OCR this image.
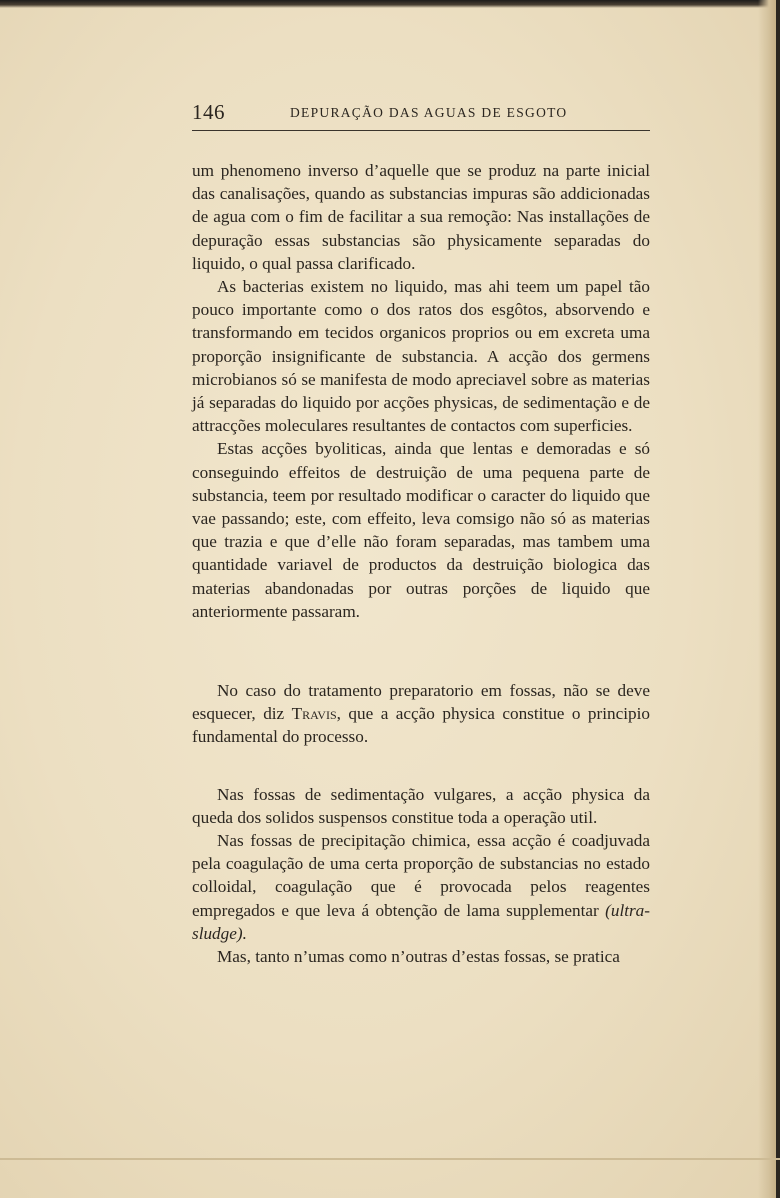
146	DEPURAÇÃO DAS AGUAS DE ESGOTO

um phenomeno inverso d’aquelle que se produz na parte inicial das canalisações, quando as substancias impuras são addicionadas de agua com o fim de facilitar a sua remoção: Nas installações de depuração essas substancias são physicamente separadas do liquido, o qual passa clarificado.

As bacterias existem no liquido, mas ahi teem um papel tão pouco importante como o dos ratos dos esgôtos, absorvendo e transformando em tecidos organicos proprios ou em excreta uma proporção insignificante de substancia. A acção dos germens microbianos só se manifesta de modo apreciavel sobre as materias já separadas do liquido por acções physicas, de sedimentação e de attracções moleculares resultantes de contactos com superficies.

Estas acções byoliticas, ainda que lentas e demoradas e só conseguindo effeitos de destruição de uma pequena parte de substancia, teem por resultado modificar o caracter do liquido que vae passando; este, com effeito, leva comsigo não só as materias que trazia e que d’elle não foram separadas, mas tambem uma quantidade variavel de productos da destruição biologica das materias abandonadas por outras porções de liquido que anteriormente passaram.

No caso do tratamento preparatorio em fossas, não se deve esquecer, diz Travis, que a acção physica constitue o principio fundamental do processo.

Nas fossas de sedimentação vulgares, a acção physica da queda dos solidos suspensos constitue toda a operação util.

Nas fossas de precipitação chimica, essa acção é coadjuvada pela coagulação de uma certa proporção de substancias no estado colloidal, coagulação que é provocada pelos reagentes empregados e que leva á obtenção de lama supplementar (ultra-sludge).

Mas, tanto n’umas como n’outras d’estas fossas, se pratica
